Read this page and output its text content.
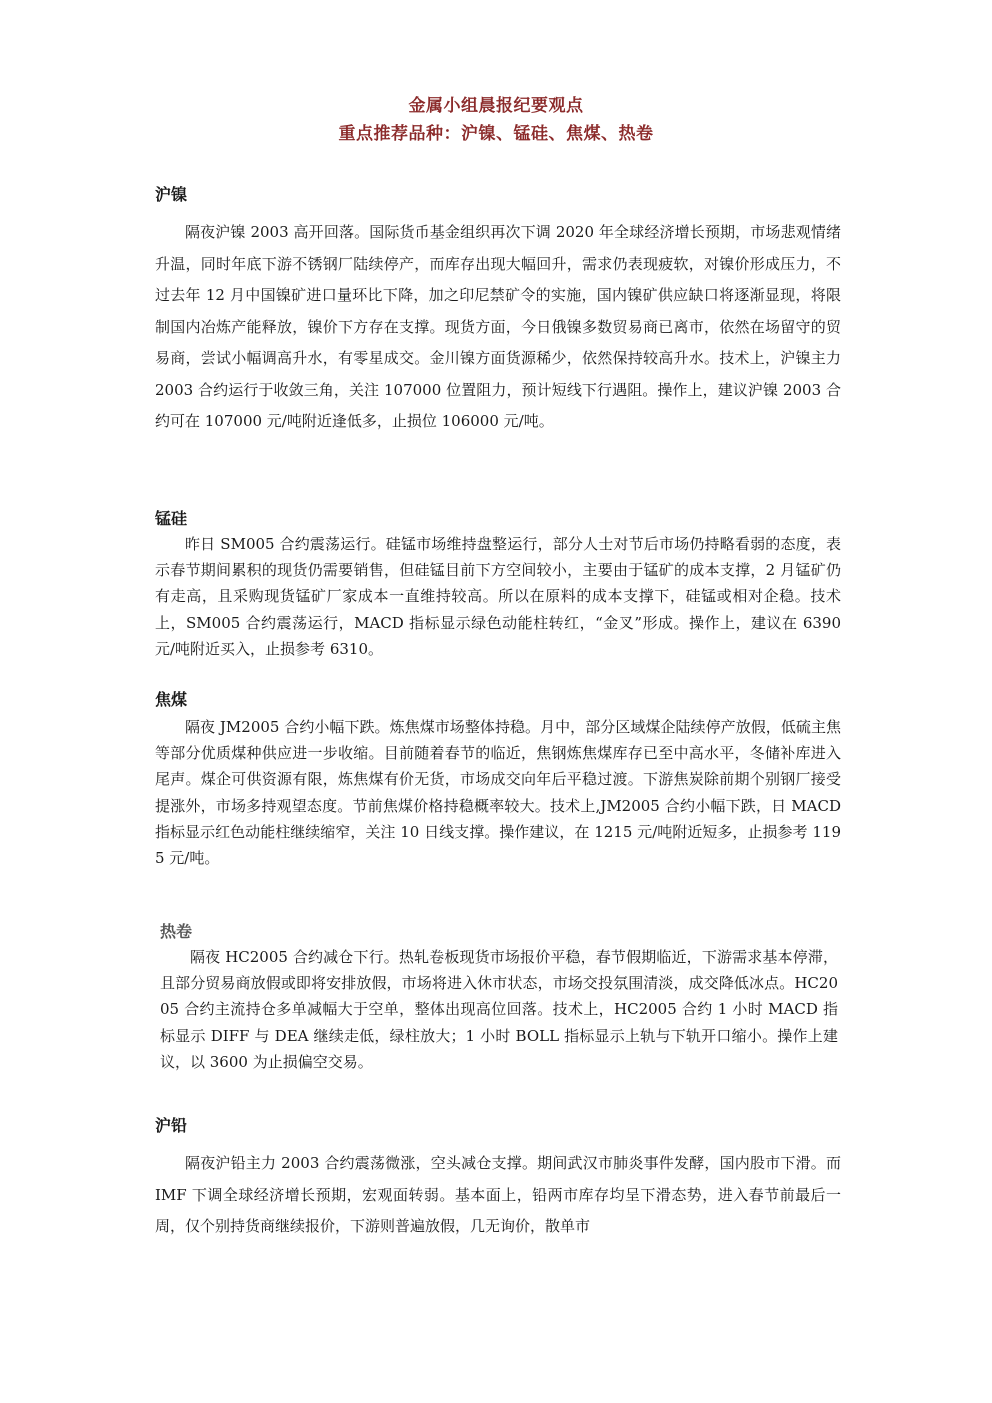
金属小组晨报纪要观点
重点推荐品种：沪镍、锰硅、焦煤、热卷
沪镍

隔夜沪镍 2003 高开回落。国际货币基金组织再次下调 2020 年全球经济增长预期，市场悲观情绪升温，同时年底下游不锈钢厂陆续停产，而库存出现大幅回升，需求仍表现疲软，对镍价形成压力，不过去年 12 月中国镍矿进口量环比下降，加之印尼禁矿令的实施，国内镍矿供应缺口将逐渐显现，将限制国内冶炼产能释放，镍价下方存在支撑。现货方面，今日俄镍多数贸易商已离市，依然在场留守的贸易商，尝试小幅调高升水，有零星成交。金川镍方面货源稀少，依然保持较高升水。技术上，沪镍主力 2003 合约运行于收敛三角，关注 107000 位置阻力，预计短线下行遇阻。操作上，建议沪镍 2003 合约可在 107000 元/吨附近逢低多，止损位 106000 元/吨。

锰硅

昨日 SM005 合约震荡运行。硅锰市场维持盘整运行，部分人士对节后市场仍持略看弱的态度，表示春节期间累积的现货仍需要销售，但硅锰目前下方空间较小，主要由于锰矿的成本支撑，2 月锰矿仍有走高，且采购现货锰矿厂家成本一直维持较高。所以在原料的成本支撑下，硅锰或相对企稳。技术上，SM005 合约震荡运行，MACD 指标显示绿色动能柱转红，“金叉”形成。操作上，建议在 6390 元/吨附近买入，止损参考 6310。

焦煤

隔夜 JM2005 合约小幅下跌。炼焦煤市场整体持稳。月中，部分区域煤企陆续停产放假，低硫主焦等部分优质煤种供应进一步收缩。目前随着春节的临近，焦钢炼焦煤库存已至中高水平，冬储补库进入尾声。煤企可供资源有限，炼焦煤有价无货，市场成交向年后平稳过渡。下游焦炭除前期个别钢厂接受提涨外，市场多持观望态度。节前焦煤价格持稳概率较大。技术上,JM2005 合约小幅下跌，日 MACD 指标显示红色动能柱继续缩窄，关注 10 日线支撑。操作建议，在 1215 元/吨附近短多，止损参考 1195 元/吨。

热卷

隔夜 HC2005 合约减仓下行。热轧卷板现货市场报价平稳，春节假期临近，下游需求基本停滞，且部分贸易商放假或即将安排放假，市场将进入休市状态，市场交投氛围清淡，成交降低冰点。HC2005 合约主流持仓多单减幅大于空单，整体出现高位回落。技术上，HC2005 合约 1 小时 MACD 指标显示 DIFF 与 DEA 继续走低，绿柱放大；1 小时 BOLL 指标显示上轨与下轨开口缩小。操作上建议，以 3600 为止损偏空交易。

沪铅

隔夜沪铅主力 2003 合约震荡微涨，空头减仓支撑。期间武汉市肺炎事件发酵，国内股市下滑。而 IMF 下调全球经济增长预期，宏观面转弱。基本面上，铅两市库存均呈下滑态势，进入春节前最后一周，仅个别持货商继续报价，下游则普遍放假，几无询价，散单市
